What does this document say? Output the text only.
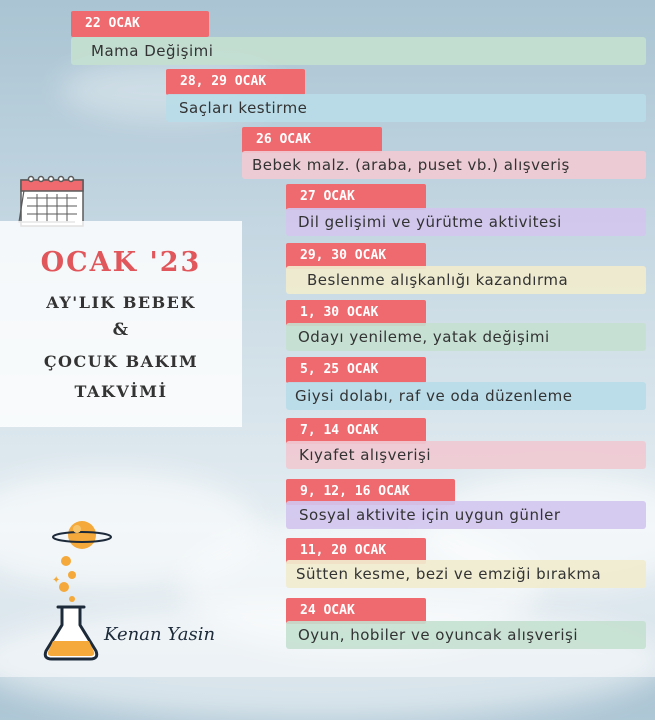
22 OCAK
Mama Değişimi
28, 29 OCAK
Saçları kestirme
26 OCAK
Bebek malz. (araba, puset vb.) alışveriş
27 OCAK
Dil gelişimi ve yürütme aktivitesi
29, 30 OCAK
Beslenme alışkanlığı kazandırma
1, 30 OCAK
Odayı yenileme, yatak değişimi
5, 25 OCAK
Giysi dolabı, raf ve oda düzenleme
7, 14 OCAK
Kıyafet alışverişi
9, 12, 16 OCAK
Sosyal aktivite için uygun günler
11, 20 OCAK
Sütten kesme, bezi ve emziği bırakma
24 OCAK
Oyun, hobiler ve oyuncak alışverişi
OCAK '23
AY'LIK BEBEK
&
ÇOCUK BAKIM
TAKVİMİ
✦
Kenan Yasin
